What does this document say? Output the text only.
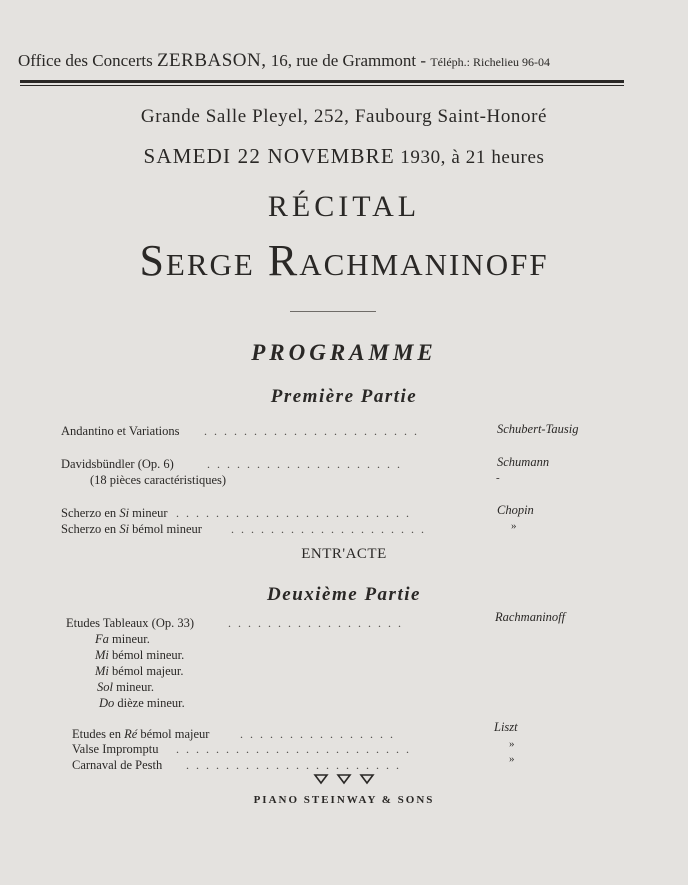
Office des Concerts ZERBASON, 16, rue de Grammont - Téléph.: Richelieu 96-04
Grande Salle Pleyel, 252, Faubourg Saint-Honoré
SAMEDI 22 NOVEMBRE 1930, à 21 heures
RÉCITAL
Serge Rachmaninoff
PROGRAMME
Première Partie
Andantino et Variations . . . . . . . . . . . . . . . . . . . . . .	Schubert-Tausig
Davidsbündler (Op. 6)	. . . . . . . . . . . . . . . . . . . .	Schumann
(18 pièces caractéristiques)	-
Scherzo en Si mineur . . . . . . . . . . . . . . . . . . . . . . . .	Chopin
Scherzo en Si bémol mineur . . . . . . . . . . . . . . . . . . . .	»
ENTR'ACTE
Deuxième Partie
Etudes Tableaux (Op. 33)	. . . . . . . . . . . . . . . . . .	Rachmaninoff
Fa mineur.
Mi bémol mineur.
Mi bémol majeur.
Sol mineur.
Do dièze mineur.
Etudes en Ré bémol majeur	. . . . . . . . . . . . . . . .	Liszt
Valse Impromptu . . . . . . . . . . . . . . . . . . . . . . . .	»
Carnaval de Pesth . . . . . . . . . . . . . . . . . . . . . .	»
PIANO STEINWAY & SONS
